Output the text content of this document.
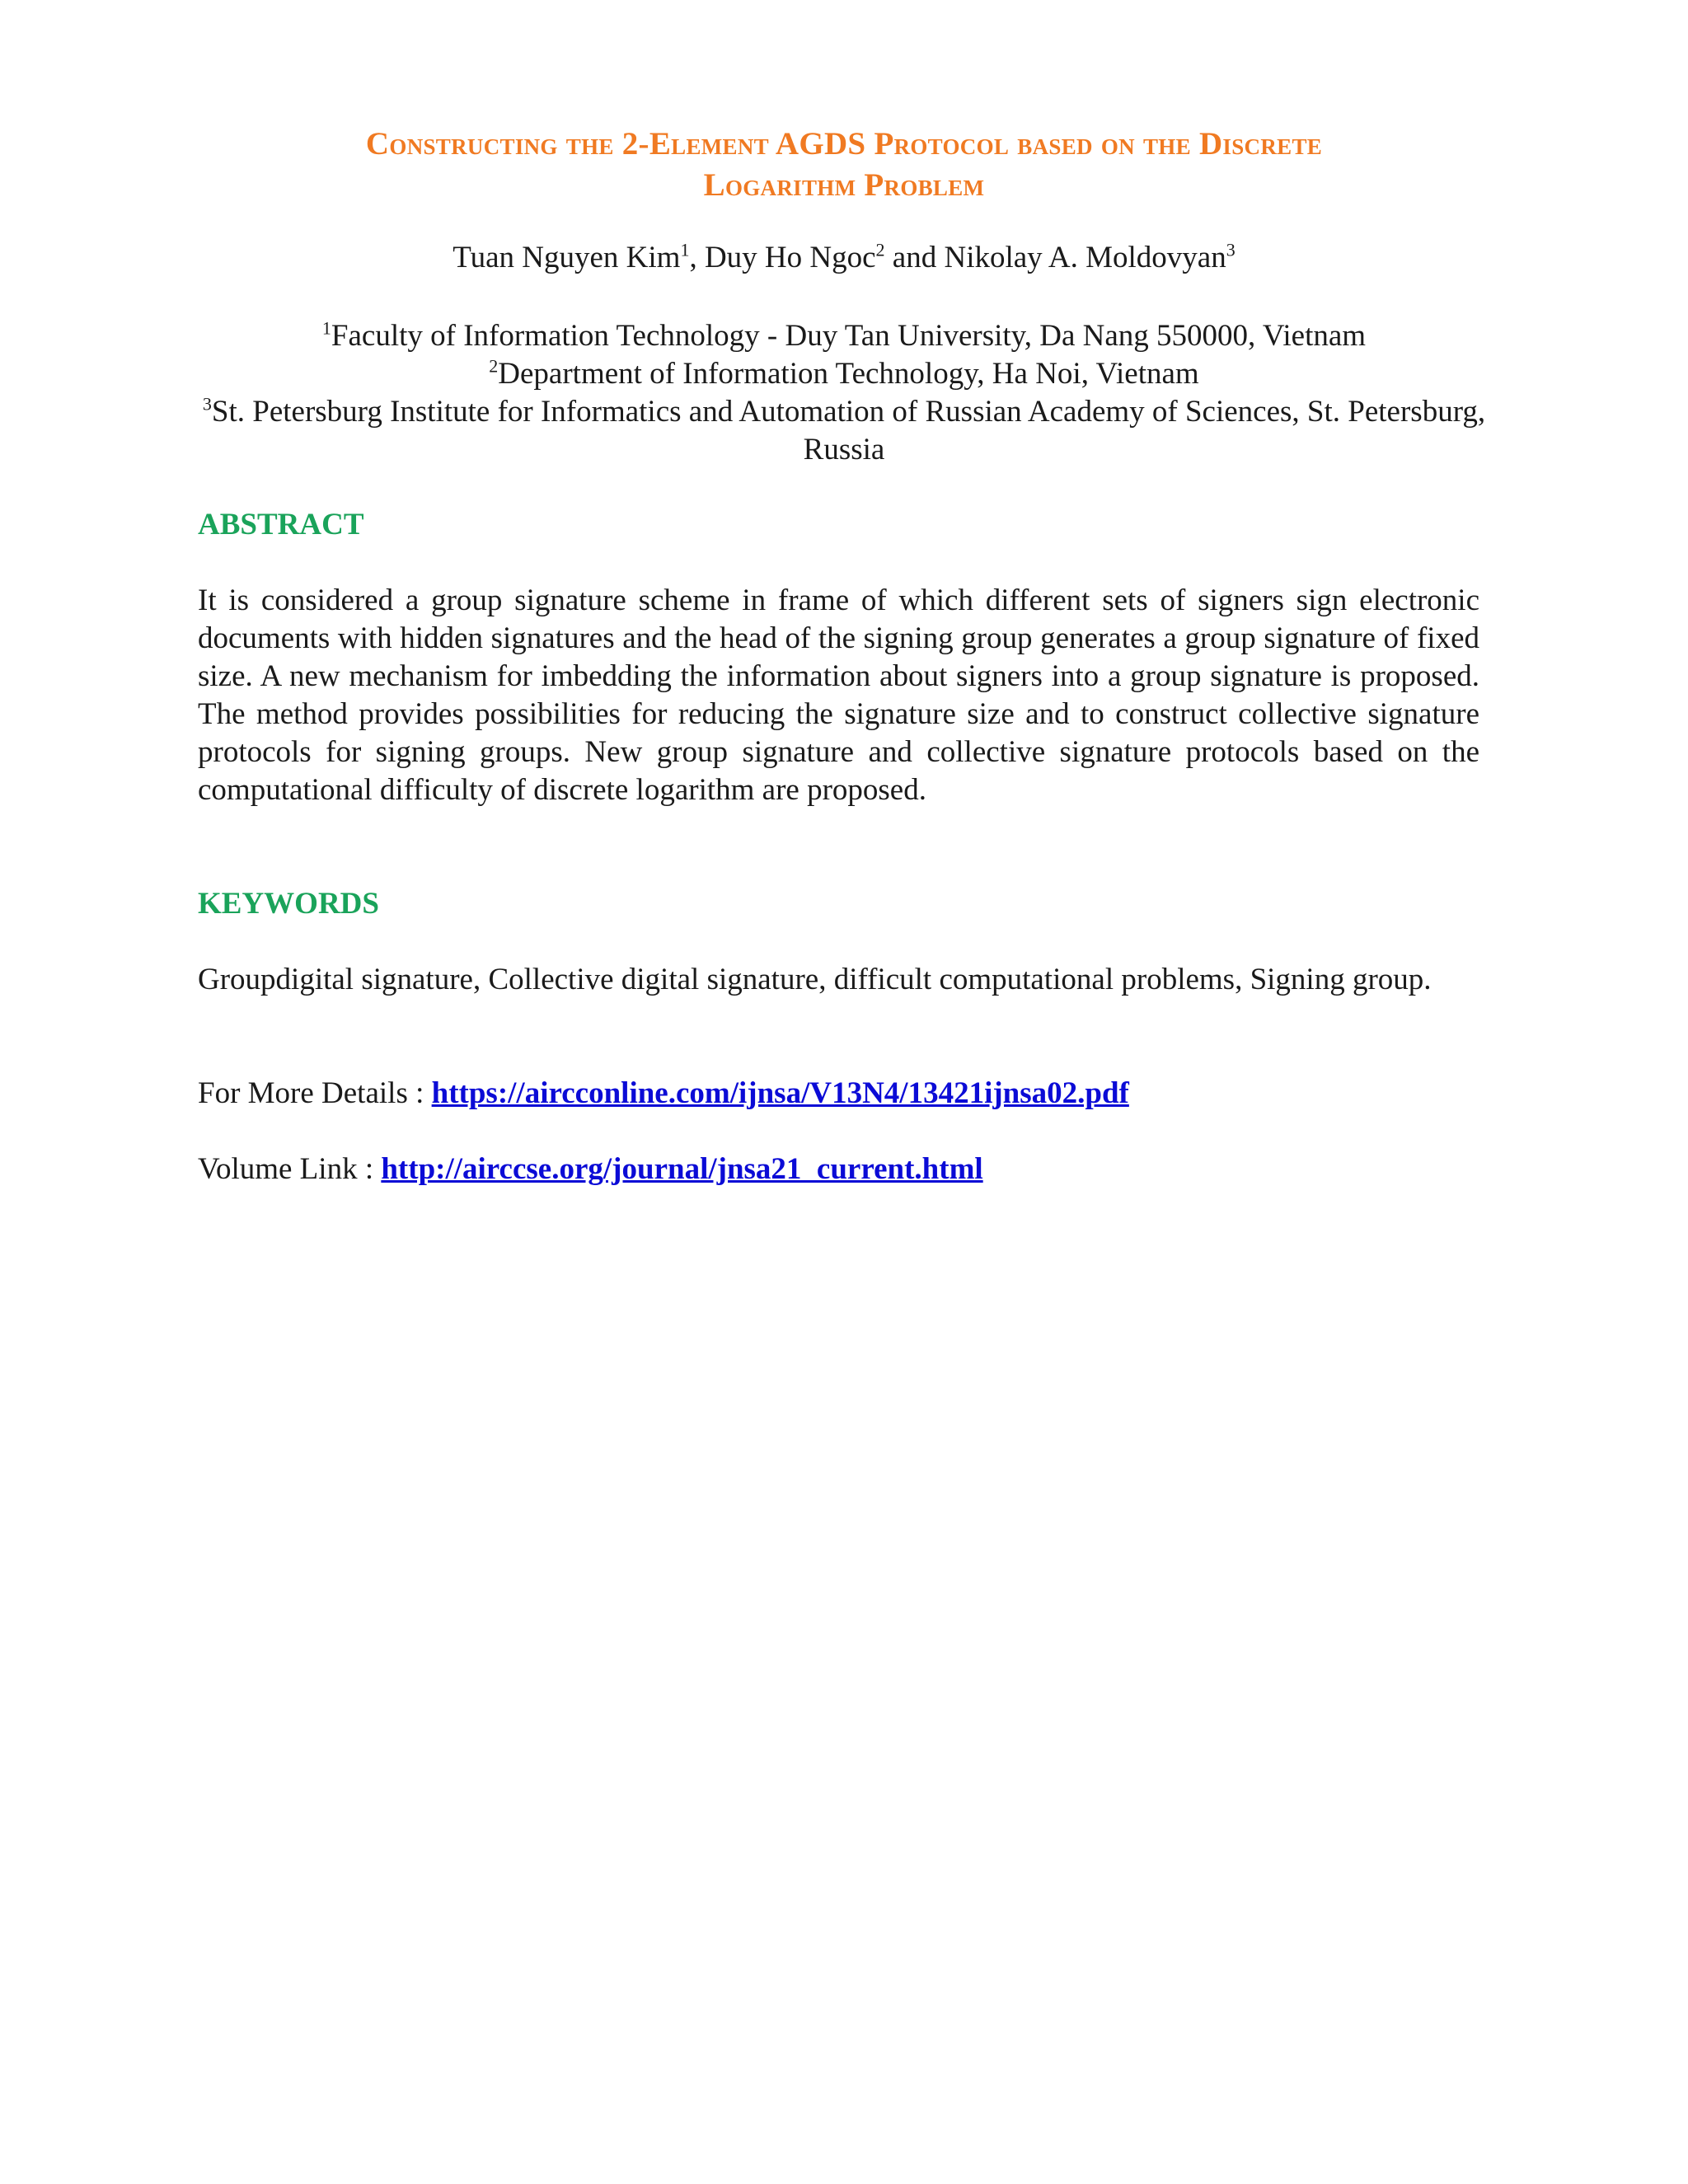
Constructing the 2-Element AGDS Protocol based on the Discrete
Logarithm Problem
Tuan Nguyen Kim$^1$, Duy Ho Ngoc$^2$ and Nikolay A. Moldovyan$^3$
$^1$Faculty of Information Technology - Duy Tan University, Da Nang 550000, Vietnam
$^2$Department of Information Technology, Ha Noi, Vietnam
$^3$St. Petersburg Institute for Informatics and Automation of Russian Academy of Sciences, St. Petersburg, Russia
ABSTRACT
It is considered a group signature scheme in frame of which different sets of signers sign electronic documents with hidden signatures and the head of the signing group generates a group signature of fixed size. A new mechanism for imbedding the information about signers into a group signature is proposed. The method provides possibilities for reducing the signature size and to construct collective signature protocols for signing groups. New group signature and collective signature protocols based on the computational difficulty of discrete logarithm are proposed.
KEYWORDS
Groupdigital signature, Collective digital signature, difficult computational problems, Signing group.
For More Details : https://aircconline.com/ijnsa/V13N4/13421ijnsa02.pdf
Volume Link : http://airccse.org/journal/jnsa21_current.html
